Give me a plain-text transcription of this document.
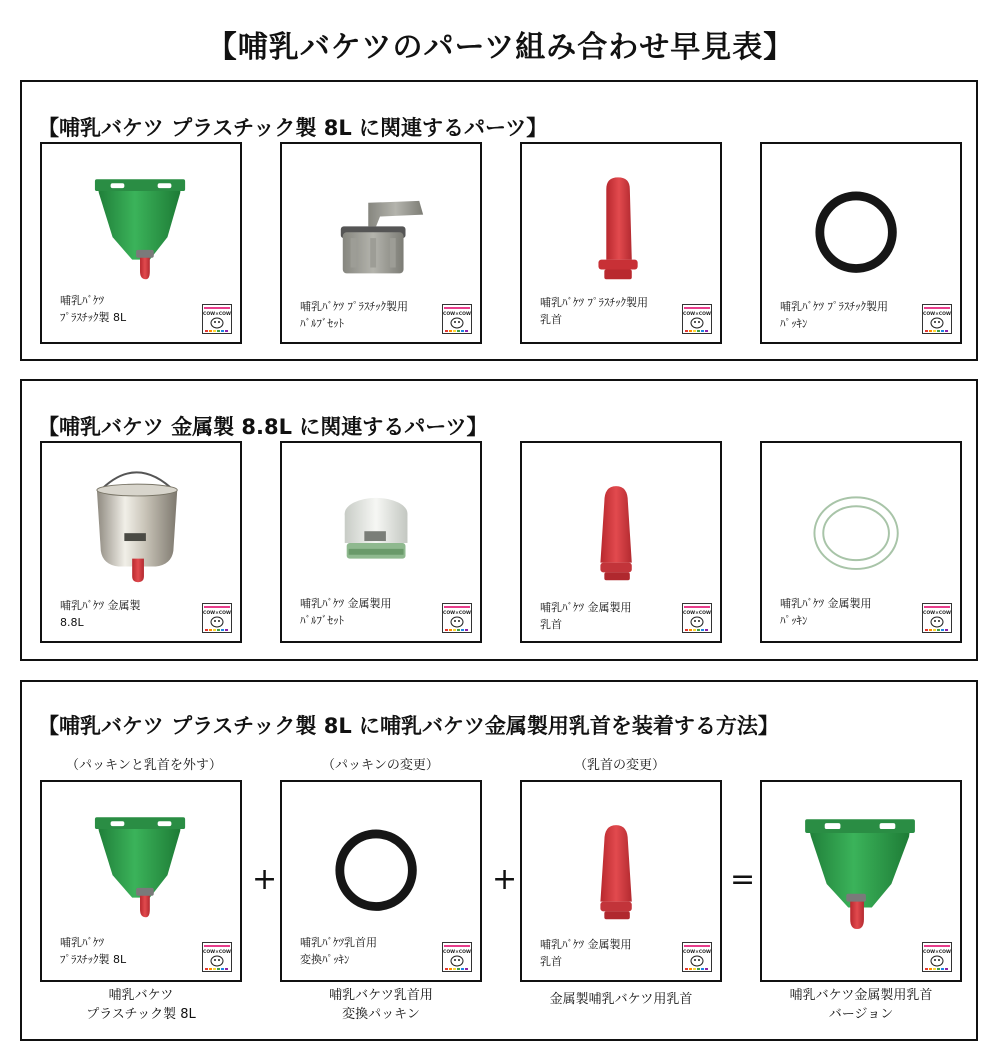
【哺乳バケツのパーツ組み合わせ早見表】
【哺乳バケツ プラスチック製 8L に関連するパーツ】
哺乳ﾊﾞｹﾂ
ﾌﾟﾗｽﾁｯｸ製 8L
哺乳ﾊﾞｹﾂ ﾌﾟﾗｽﾁｯｸ製用
ﾊﾞﾙﾌﾞｾｯﾄ
哺乳ﾊﾞｹﾂ ﾌﾟﾗｽﾁｯｸ製用
乳首
哺乳ﾊﾞｹﾂ ﾌﾟﾗｽﾁｯｸ製用
ﾊﾟｯｷﾝ
【哺乳バケツ 金属製 8.8L に関連するパーツ】
哺乳ﾊﾞｹﾂ 金属製
8.8L
哺乳ﾊﾞｹﾂ 金属製用
ﾊﾞﾙﾌﾞｾｯﾄ
哺乳ﾊﾞｹﾂ 金属製用
乳首
哺乳ﾊﾞｹﾂ 金属製用
ﾊﾟｯｷﾝ
【哺乳バケツ プラスチック製 8L に哺乳バケツ金属製用乳首を装着する方法】
（パッキンと乳首を外す）	（パッキンの変更）	（乳首の変更）
哺乳ﾊﾞｹﾂ
ﾌﾟﾗｽﾁｯｸ製 8L
哺乳バケツ
プラスチック製 8L
+
哺乳ﾊﾞｹﾂ乳首用
変換ﾊﾟｯｷﾝ
哺乳バケツ乳首用
変換パッキン
+
哺乳ﾊﾞｹﾂ 金属製用
乳首
金属製哺乳バケツ用乳首
=
哺乳バケツ金属製用乳首
バージョン
